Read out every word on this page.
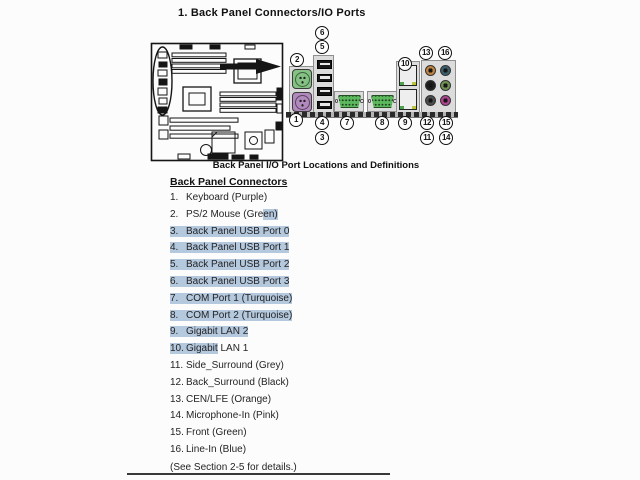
1. Back Panel Connectors/IO Ports
Back Panel I/O Port Locations and Definitions
Back Panel Connectors
1. Keyboard (Purple)
2. PS/2 Mouse (Green)
3. Back Panel USB Port 0
4. Back Panel USB Port 1
5. Back Panel USB Port 2
6. Back Panel USB Port 3
7. COM Port 1 (Turquoise)
8. COM Port 2 (Turquoise)
9. Gigabit LAN 2
10. Gigabit LAN 1
11. Side_Surround (Grey)
12. Back_Surround (Black)
13. CEN/LFE (Orange)
14. Microphone-In (Pink)
15. Front (Green)
16. Line-In (Blue)
(See Section 2-5 for details.)
6
5
2
13	16
10
1	4
3
7	8	9	12	15
11	14
